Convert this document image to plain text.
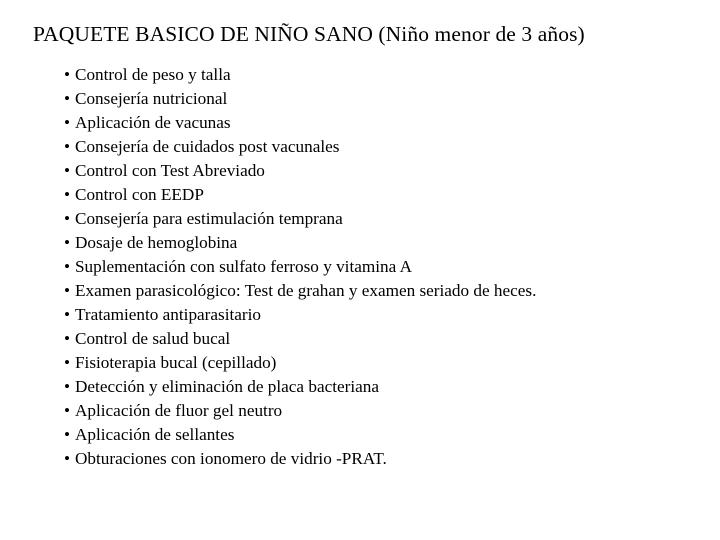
PAQUETE BASICO DE NIÑO SANO (Niño menor de 3 años)
• Control de peso y talla
• Consejería nutricional
• Aplicación de vacunas
• Consejería de cuidados post vacunales
• Control con Test Abreviado
• Control con EEDP
• Consejería para estimulación temprana
• Dosaje de hemoglobina
• Suplementación con sulfato ferroso y vitamina A
• Examen parasicológico: Test de grahan y examen seriado de heces.
• Tratamiento antiparasitario
• Control de salud bucal
• Fisioterapia bucal (cepillado)
• Detección y eliminación de placa bacteriana
• Aplicación de fluor gel neutro
• Aplicación de sellantes
• Obturaciones con ionomero de vidrio -PRAT.
